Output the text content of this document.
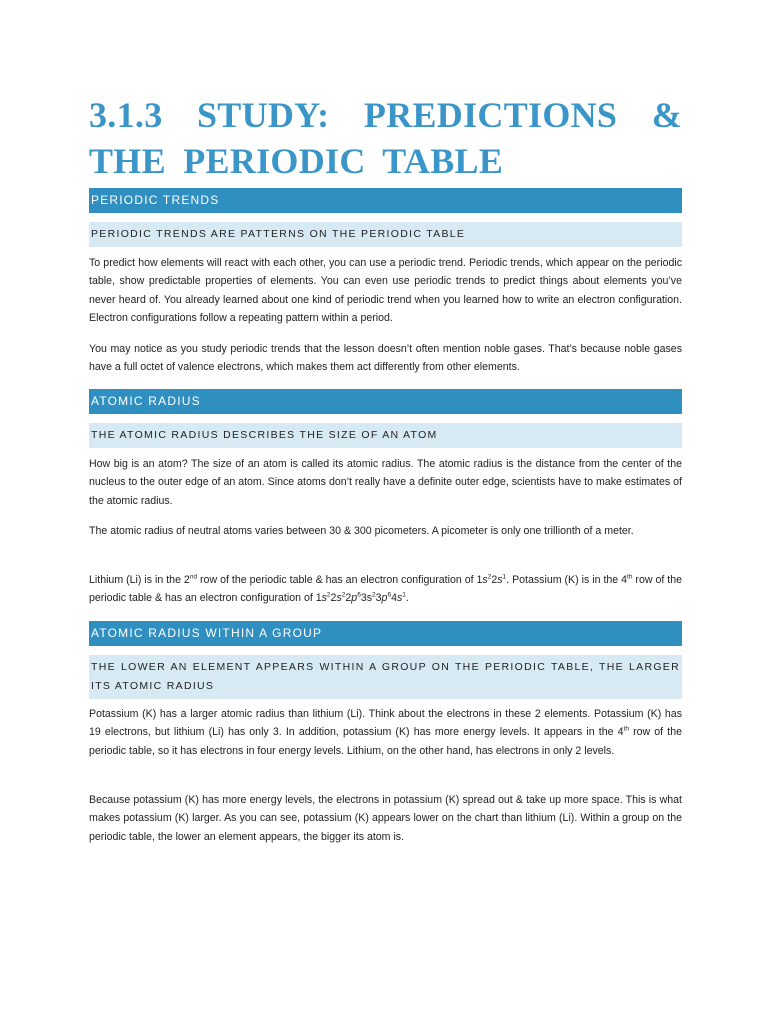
3.1.3 STUDY: PREDICTIONS & THE PERIODIC TABLE
PERIODIC TRENDS
PERIODIC TRENDS ARE PATTERNS ON THE PERIODIC TABLE

To predict how elements will react with each other, you can use a periodic trend. Periodic trends, which appear on the periodic table, show predictable properties of elements. You can even use periodic trends to predict things about elements you’ve never heard of. You already learned about one kind of periodic trend when you learned how to write an electron configuration. Electron configurations follow a repeating pattern within a period.

You may notice as you study periodic trends that the lesson doesn’t often mention noble gases. That’s because noble gases have a full octet of valence electrons, which makes them act differently from other elements.

ATOMIC RADIUS
THE ATOMIC RADIUS DESCRIBES THE SIZE OF AN ATOM

How big is an atom? The size of an atom is called its atomic radius. The atomic radius is the distance from the center of the nucleus to the outer edge of an atom. Since atoms don’t really have a definite outer edge, scientists have to make estimates of the atomic radius.

The atomic radius of neutral atoms varies between 30 & 300 picometers. A picometer is only one trillionth of a meter.

Lithium (Li) is in the 2nd row of the periodic table & has an electron configuration of $1s^22s^1$. Potassium (K) is in the 4th row of the periodic table & has an electron configuration of $1s^22s^22p^63s^23p^64s^1$.

ATOMIC RADIUS WITHIN A GROUP
THE LOWER AN ELEMENT APPEARS WITHIN A GROUP ON THE PERIODIC TABLE, THE LARGER ITS ATOMIC RADIUS

Potassium (K) has a larger atomic radius than lithium (Li). Think about the electrons in these 2 elements. Potassium (K) has 19 electrons, but lithium (Li) has only 3. In addition, potassium (K) has more energy levels. It appears in the 4th row of the periodic table, so it has electrons in four energy levels. Lithium, on the other hand, has electrons in only 2 levels.

Because potassium (K) has more energy levels, the electrons in potassium (K) spread out & take up more space. This is what makes potassium (K) larger. As you can see, potassium (K) appears lower on the chart than lithium (Li). Within a group on the periodic table, the lower an element appears, the bigger its atom is.
